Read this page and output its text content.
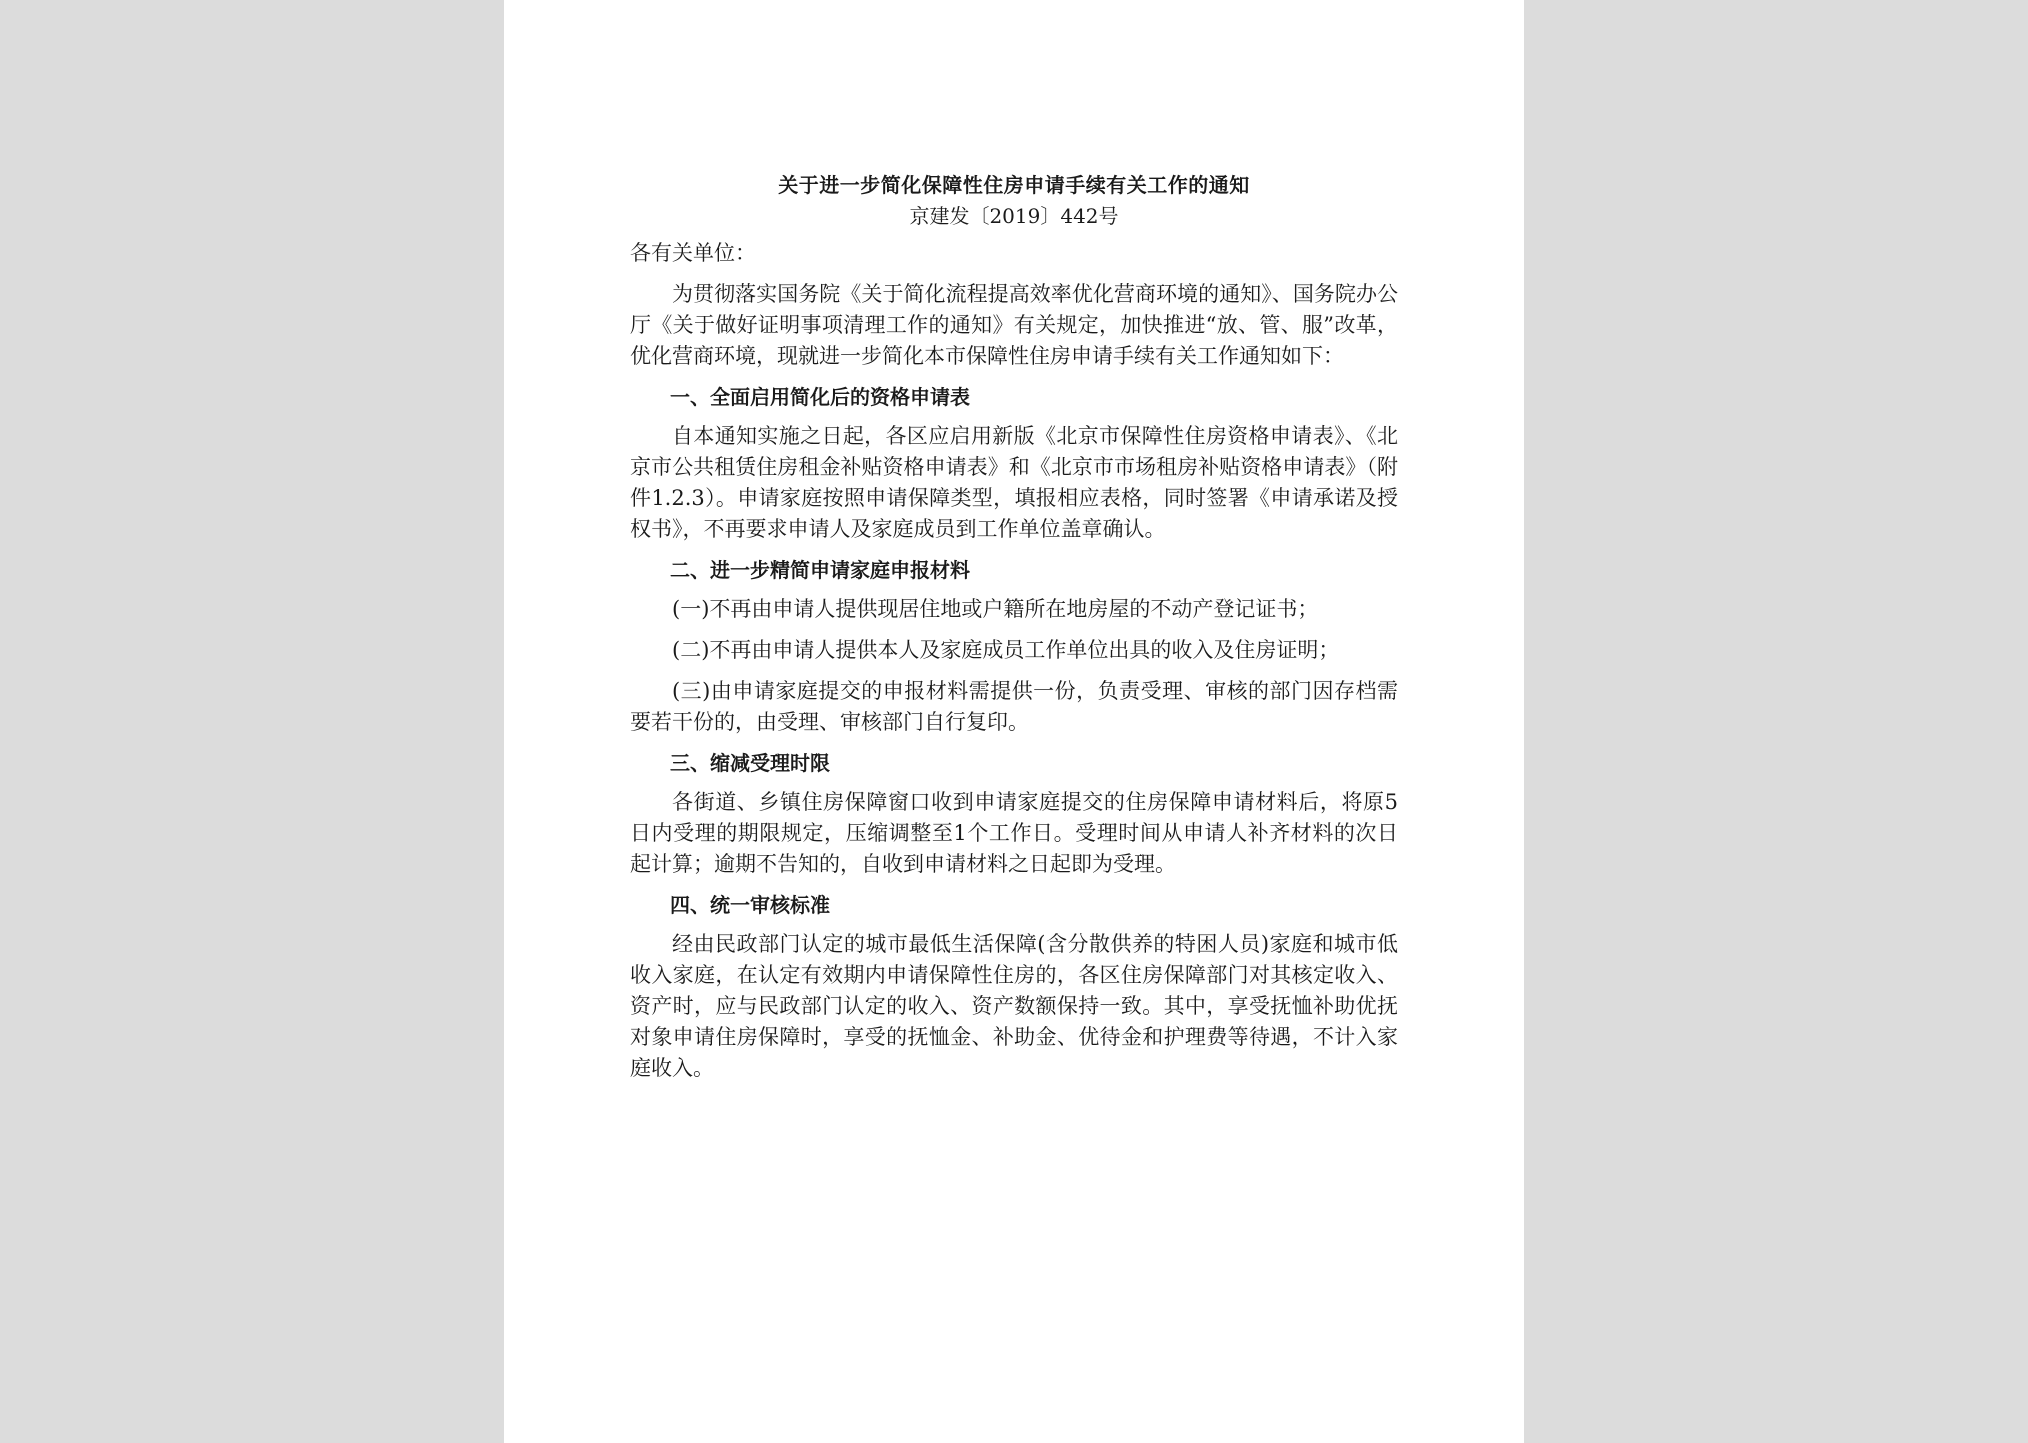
关于进一步简化保障性住房申请手续有关工作的通知
京建发〔2019〕442号
各有关单位：

为贯彻落实国务院《关于简化流程提高效率优化营商环境的通知》、国务院办公厅《关于做好证明事项清理工作的通知》有关规定，加快推进“放、管、服”改革，优化营商环境，现就进一步简化本市保障性住房申请手续有关工作通知如下：

一、全面启用简化后的资格申请表

自本通知实施之日起，各区应启用新版《北京市保障性住房资格申请表》、《北京市公共租赁住房租金补贴资格申请表》和《北京市市场租房补贴资格申请表》（附件1.2.3）。申请家庭按照申请保障类型，填报相应表格，同时签署《申请承诺及授权书》，不再要求申请人及家庭成员到工作单位盖章确认。

二、进一步精简申请家庭申报材料

(一)不再由申请人提供现居住地或户籍所在地房屋的不动产登记证书；

(二)不再由申请人提供本人及家庭成员工作单位出具的收入及住房证明；

(三)由申请家庭提交的申报材料需提供一份，负责受理、审核的部门因存档需要若干份的，由受理、审核部门自行复印。

三、缩减受理时限

各街道、乡镇住房保障窗口收到申请家庭提交的住房保障申请材料后，将原5日内受理的期限规定，压缩调整至1个工作日。受理时间从申请人补齐材料的次日起计算；逾期不告知的，自收到申请材料之日起即为受理。

四、统一审核标准

经由民政部门认定的城市最低生活保障(含分散供养的特困人员)家庭和城市低收入家庭，在认定有效期内申请保障性住房的，各区住房保障部门对其核定收入、资产时，应与民政部门认定的收入、资产数额保持一致。其中，享受抚恤补助优抚对象申请住房保障时，享受的抚恤金、补助金、优待金和护理费等待遇，不计入家庭收入。
